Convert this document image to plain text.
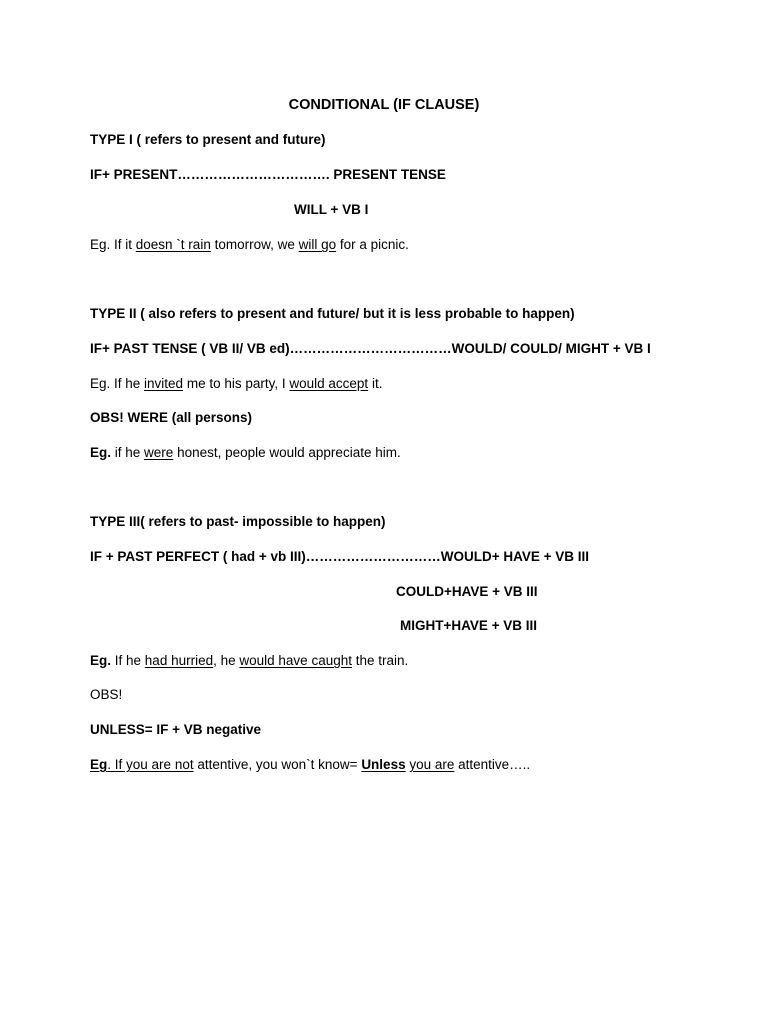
CONDITIONAL (IF CLAUSE)
TYPE I ( refers to present and future)
IF+ PRESENT……………………………. PRESENT TENSE
WILL + VB I
Eg. If it doesn `t rain tomorrow, we will go for a picnic.
TYPE II ( also refers to present and future/ but it is less probable to happen)
IF+ PAST TENSE ( VB II/ VB ed)………………………………WOULD/ COULD/ MIGHT + VB I
Eg. If he invited me to his party, I would accept it.
OBS! WERE (all persons)
Eg. if he were honest, people would appreciate him.
TYPE III( refers to past- impossible to happen)
IF + PAST PERFECT ( had + vb III)…………………………WOULD+ HAVE + VB III
COULD+HAVE + VB III
MIGHT+HAVE + VB III
Eg. If he had hurried, he would have caught the train.
OBS!
UNLESS= IF + VB negative
Eg. If you are not attentive, you won`t know= Unless you are attentive…..
